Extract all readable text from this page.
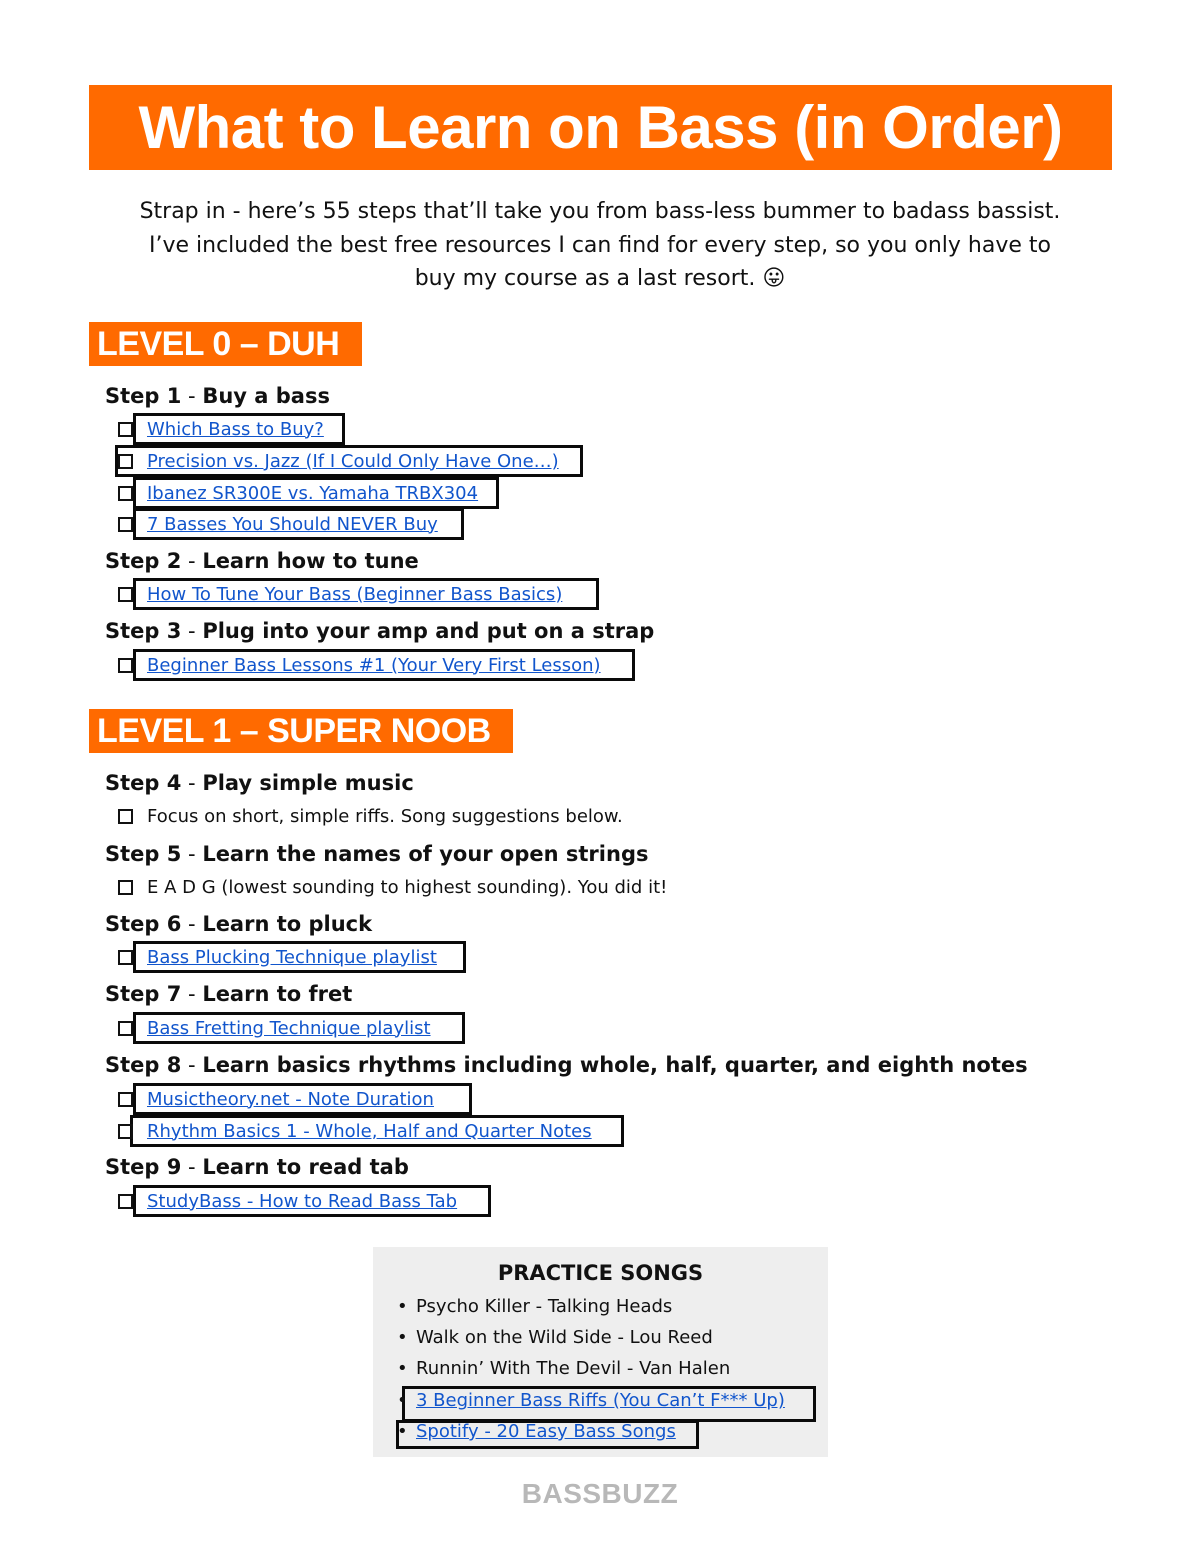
What to Learn on Bass (in Order)
Strap in - here’s 55 steps that’ll take you from bass-less bummer to badass bassist.
I’ve included the best free resources I can find for every step, so you only have to
buy my course as a last resort. 😛
LEVEL 0 – DUH
Step 1 - Buy a bass
Which Bass to Buy?
Precision vs. Jazz (If I Could Only Have One…)
Ibanez SR300E vs. Yamaha TRBX304
7 Basses You Should NEVER Buy
Step 2 - Learn how to tune
How To Tune Your Bass (Beginner Bass Basics)
Step 3 - Plug into your amp and put on a strap
Beginner Bass Lessons #1 (Your Very First Lesson)
LEVEL 1 – SUPER NOOB
Step 4 - Play simple music
Focus on short, simple riffs. Song suggestions below.
Step 5 - Learn the names of your open strings
E A D G (lowest sounding to highest sounding). You did it!
Step 6 - Learn to pluck
Bass Plucking Technique playlist
Step 7 - Learn to fret
Bass Fretting Technique playlist
Step 8 - Learn basics rhythms including whole, half, quarter, and eighth notes
Musictheory.net - Note Duration
Rhythm Basics 1 - Whole, Half and Quarter Notes
Step 9 - Learn to read tab
StudyBass - How to Read Bass Tab
PRACTICE SONGS
• Psycho Killer - Talking Heads
• Walk on the Wild Side - Lou Reed
• Runnin’ With The Devil - Van Halen
• 3 Beginner Bass Riffs (You Can’t F*** Up)
• Spotify - 20 Easy Bass Songs
BASSBUZZ
